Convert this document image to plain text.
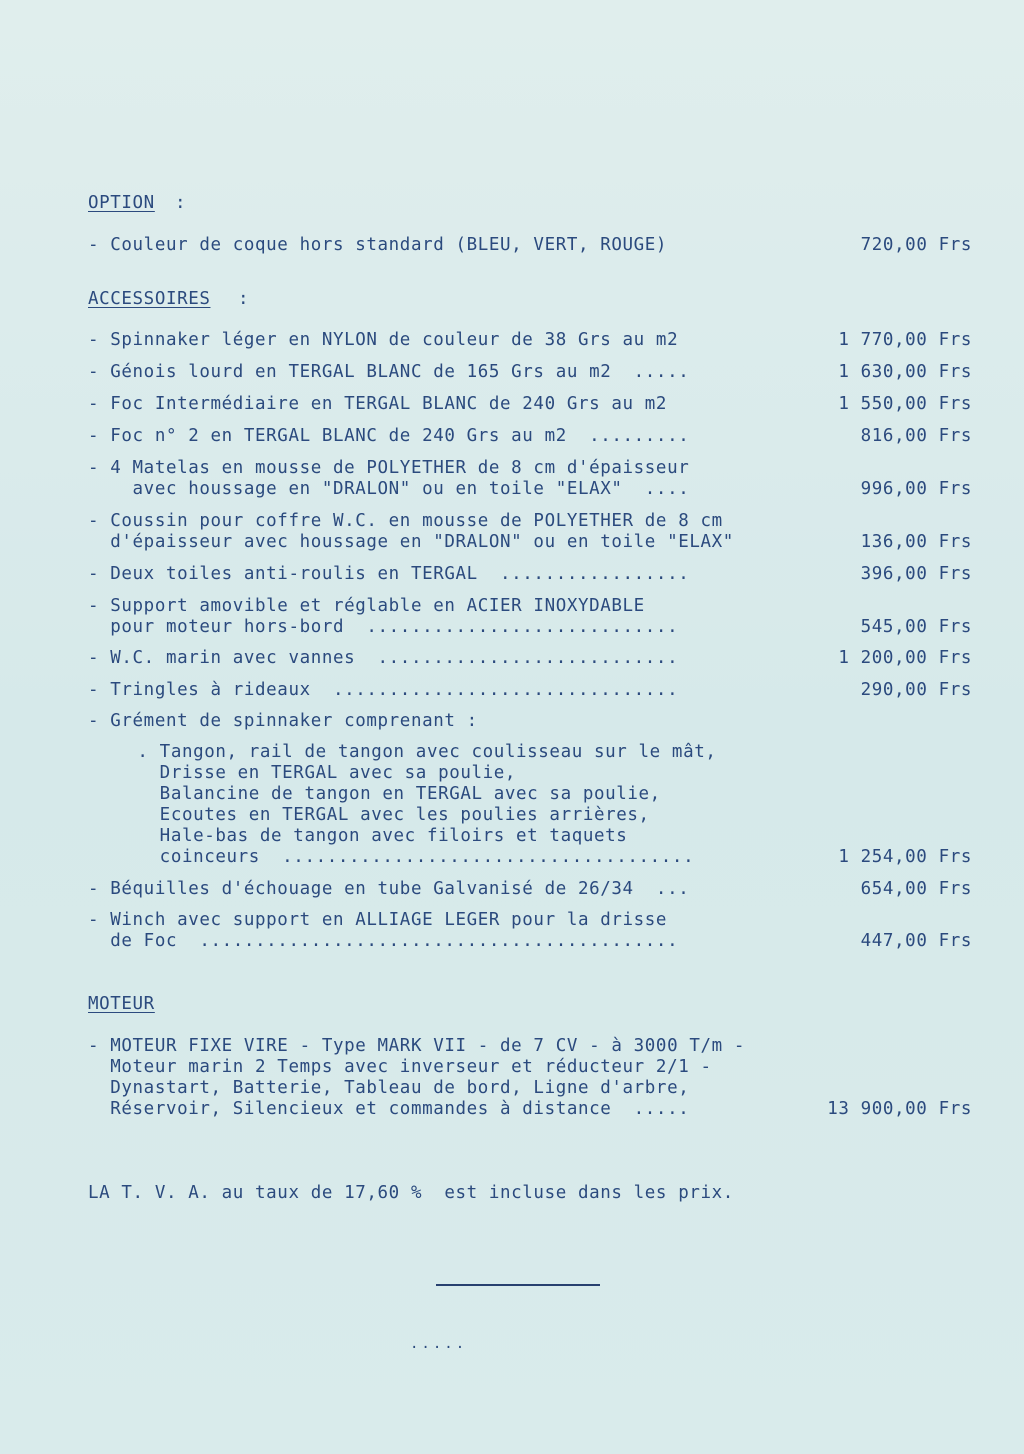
OPTION :
- Couleur de coque hors standard (BLEU, VERT, ROUGE)	720,00 Frs
ACCESSOIRES :
- Spinnaker léger en NYLON de couleur de 38 Grs au m2	1 770,00 Frs
- Génois lourd en TERGAL BLANC de 165 Grs au m2  .....	1 630,00 Frs
- Foc Intermédiaire en TERGAL BLANC de 240 Grs au m2	1 550,00 Frs
- Foc n° 2 en TERGAL BLANC de 240 Grs au m2  .........	816,00 Frs
- 4 Matelas en mousse de POLYETHER de 8 cm d'épaisseur
avec houssage en "DRALON" ou en toile "ELAX"  ....	996,00 Frs
- Coussin pour coffre W.C. en mousse de POLYETHER de 8 cm
d'épaisseur avec houssage en "DRALON" ou en toile "ELAX"	136,00 Frs
- Deux toiles anti-roulis en TERGAL  .................	396,00 Frs
- Support amovible et réglable en ACIER INOXYDABLE
pour moteur hors-bord  ............................	545,00 Frs
- W.C. marin avec vannes  ...........................	1 200,00 Frs
- Tringles à rideaux  ...............................	290,00 Frs
- Grément de spinnaker comprenant :
. Tangon, rail de tangon avec coulisseau sur le mât,
Drisse en TERGAL avec sa poulie,
Balancine de tangon en TERGAL avec sa poulie,
Ecoutes en TERGAL avec les poulies arrières,
Hale-bas de tangon avec filoirs et taquets
coinceurs  .....................................	1 254,00 Frs
- Béquilles d'échouage en tube Galvanisé de 26/34  ...	654,00 Frs
- Winch avec support en ALLIAGE LEGER pour la drisse
de Foc  ...........................................	447,00 Frs
MOTEUR
- MOTEUR FIXE VIRE - Type MARK VII - de 7 CV - à 3000 T/m -
Moteur marin 2 Temps avec inverseur et réducteur 2/1 -
Dynastart, Batterie, Tableau de bord, Ligne d'arbre,
Réservoir, Silencieux et commandes à distance  .....	13 900,00 Frs
LA T. V. A. au taux de 17,60 %  est incluse dans les prix.
.....
